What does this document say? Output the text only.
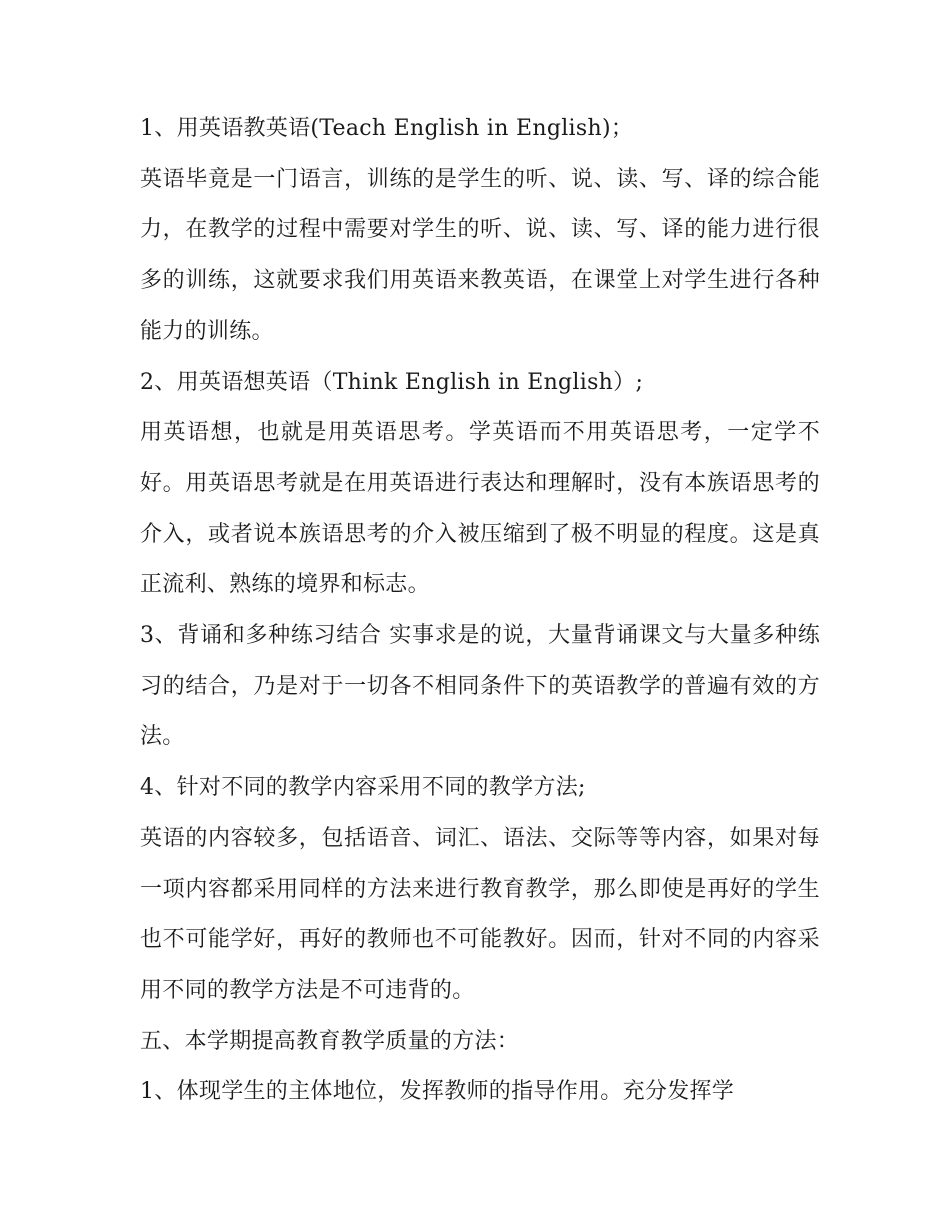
1、用英语教英语(Teach English in English)；

英语毕竟是一门语言，训练的是学生的听、说、读、写、译的综合能力，在教学的过程中需要对学生的听、说、读、写、译的能力进行很多的训练，这就要求我们用英语来教英语，在课堂上对学生进行各种能力的训练。

2、用英语想英语（Think English in English）;

用英语想，也就是用英语思考。学英语而不用英语思考，一定学不好。用英语思考就是在用英语进行表达和理解时，没有本族语思考的介入，或者说本族语思考的介入被压缩到了极不明显的程度。这是真正流利、熟练的境界和标志。

3、背诵和多种练习结合 实事求是的说，大量背诵课文与大量多种练习的结合，乃是对于一切各不相同条件下的英语教学的普遍有效的方法。

4、针对不同的教学内容采用不同的教学方法;

英语的内容较多，包括语音、词汇、语法、交际等等内容，如果对每一项内容都采用同样的方法来进行教育教学，那么即使是再好的学生也不可能学好，再好的教师也不可能教好。因而，针对不同的内容采用不同的教学方法是不可违背的。

五、本学期提高教育教学质量的方法：

1、体现学生的主体地位，发挥教师的指导作用。充分发挥学
